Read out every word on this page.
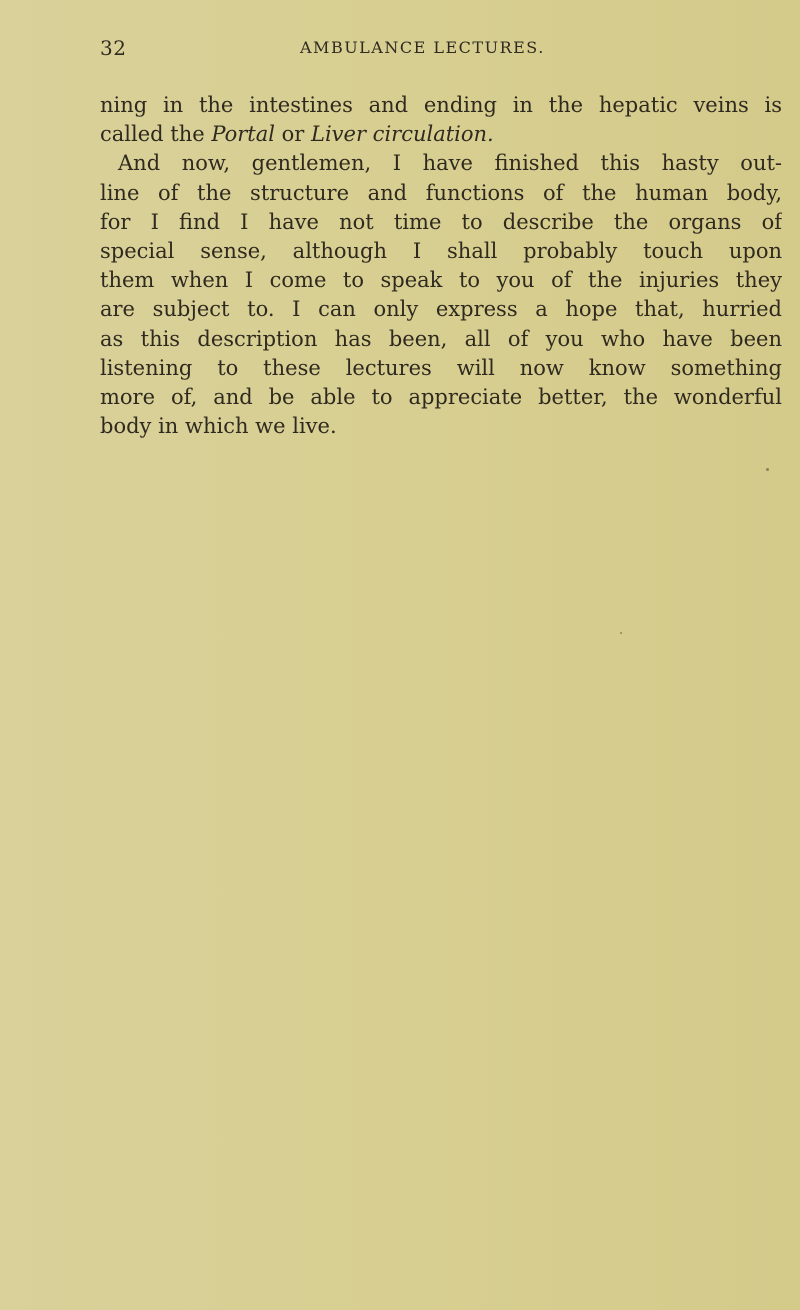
32	AMBULANCE LECTURES.
ning in the intestines and ending in the hepatic veins is
called the Portal or Liver circulation.
And now, gentlemen, I have finished this hasty out-
line of the structure and functions of the human body,
for I find I have not time to describe the organs of
special sense, although I shall probably touch upon
them when I come to speak to you of the injuries they
are subject to. I can only express a hope that, hurried
as this description has been, all of you who have been
listening to these lectures will now know something
more of, and be able to appreciate better, the wonderful
body in which we live.
